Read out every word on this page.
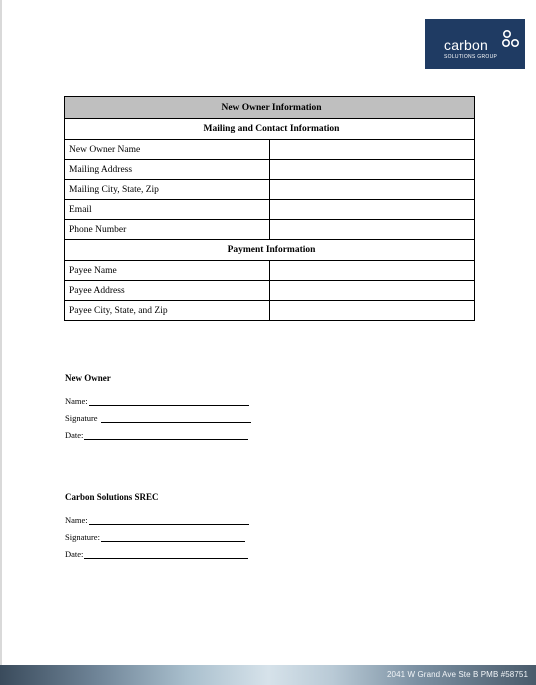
carbon
SOLUTIONS GROUP
New Owner Information	
Mailing and Contact Information	
New Owner Name	
Mailing Address	
Mailing City, State, Zip	
Email	
Phone Number	
Payment Information	
Payee Name	
Payee Address	
Payee City, State, and Zip	
New Owner
Name:
Signature
Date:
Carbon Solutions SREC
Name:
Signature:
Date:
2041 W Grand Ave Ste B PMB #58751
